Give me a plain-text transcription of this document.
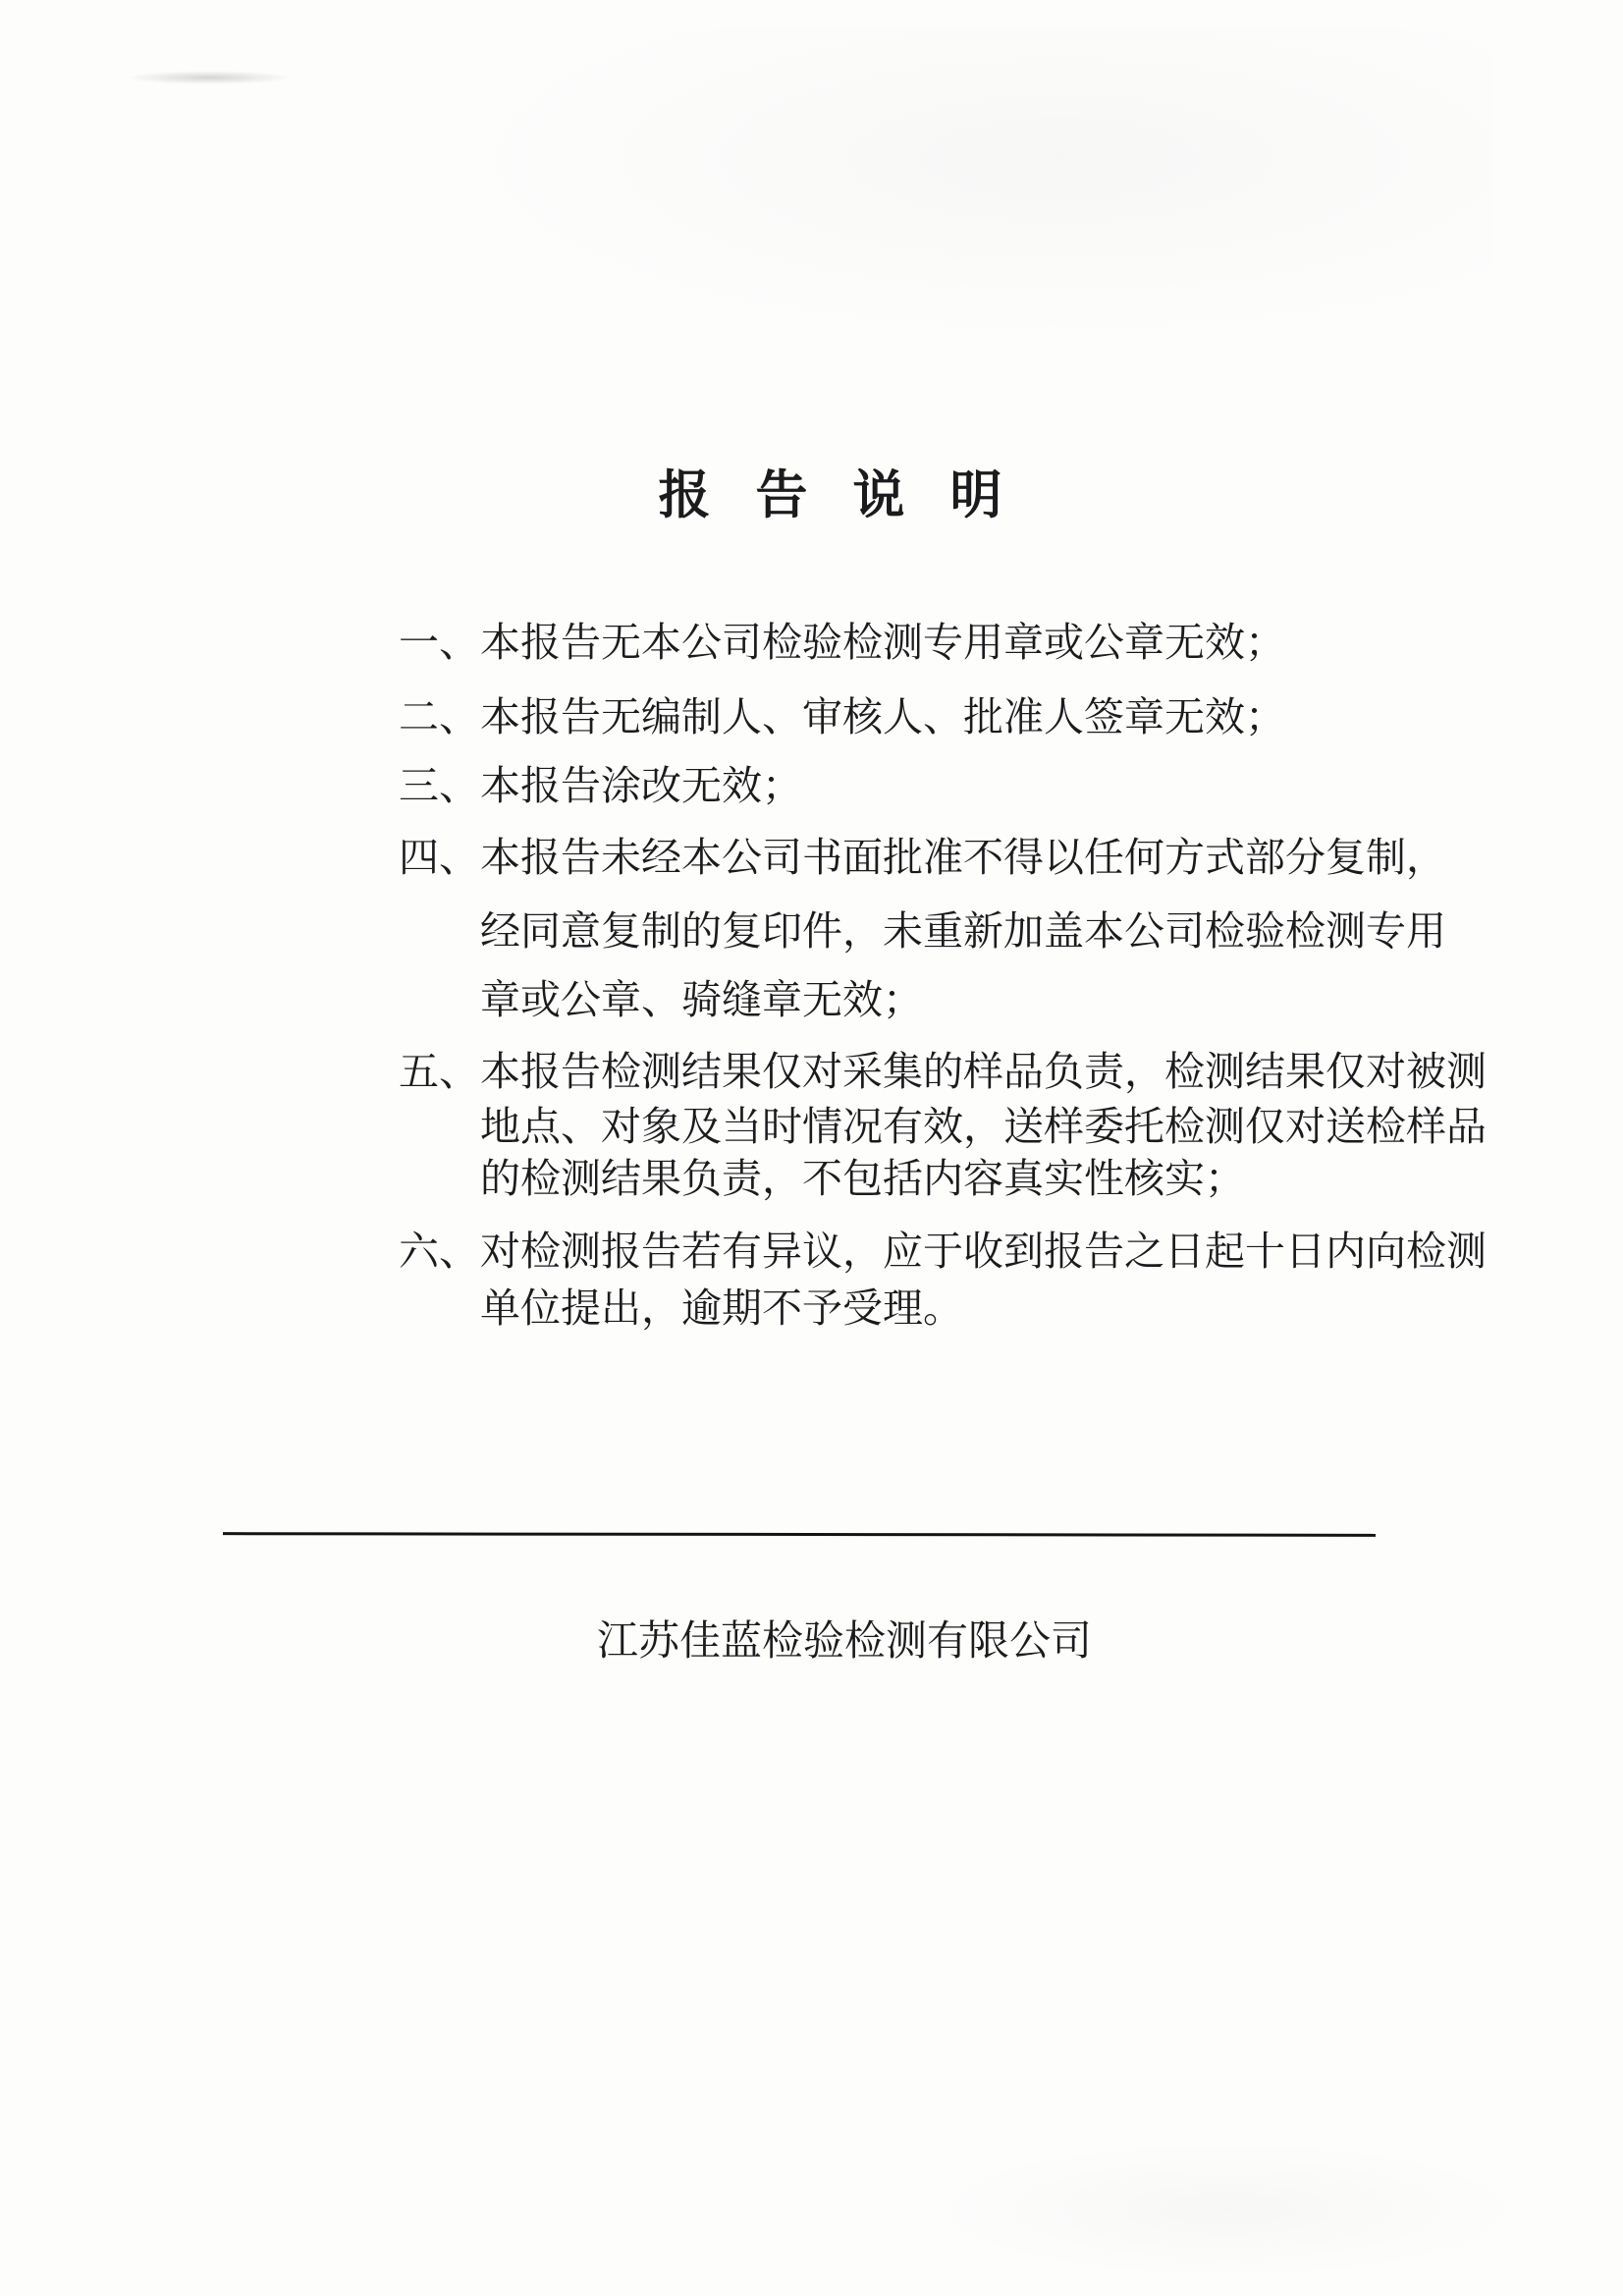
报告说明
一、本报告无本公司检验检测专用章或公章无效；
二、本报告无编制人、审核人、批准人签章无效；
三、本报告涂改无效；
四、本报告未经本公司书面批准不得以任何方式部分复制，
经同意复制的复印件，未重新加盖本公司检验检测专用
章或公章、骑缝章无效；
五、本报告检测结果仅对采集的样品负责，检测结果仅对被测
地点、对象及当时情况有效，送样委托检测仅对送检样品
的检测结果负责，不包括内容真实性核实；
六、对检测报告若有异议，应于收到报告之日起十日内向检测
单位提出，逾期不予受理。
江苏佳蓝检验检测有限公司
